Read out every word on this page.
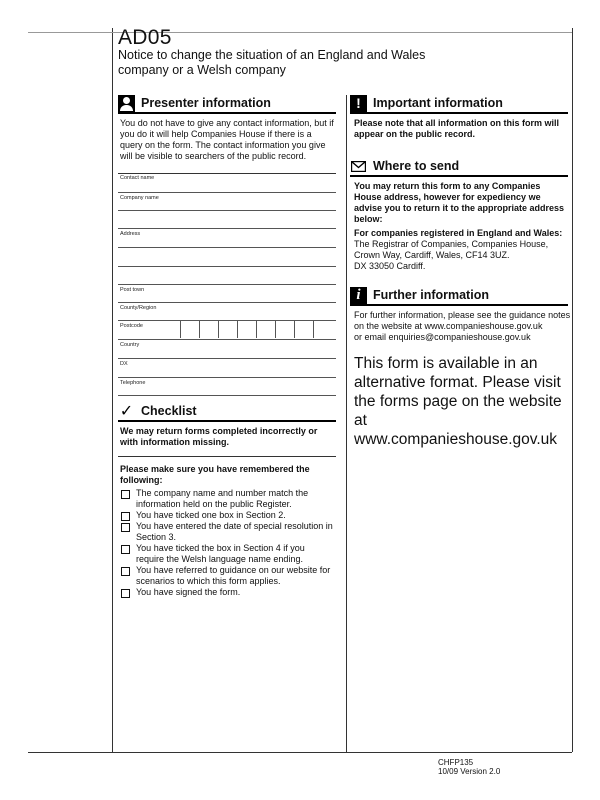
AD05
Notice to change the situation of an England and Wales company or a Welsh company
Presenter information
You do not have to give any contact information, but if you do it will help Companies House if there is a query on the form. The contact information you give will be visible to searchers of the public record.
Contact name
Company name
Address
Post town
County/Region
Postcode
Country
DX
Telephone
✓ Checklist
We may return forms completed incorrectly or with information missing.
Please make sure you have remembered the following:
The company name and number match the information held on the public Register.
You have ticked one box in Section 2.
You have entered the date of special resolution in Section 3.
You have ticked the box in Section 4 if you require the Welsh language name ending.
You have referred to guidance on our website for scenarios to which this form applies.
You have signed the form.
! Important information
Please note that all information on this form will appear on the public record.
Where to send
You may return this form to any Companies House address, however for expediency we advise you to return it to the appropriate address below:
For companies registered in England and Wales:
The Registrar of Companies, Companies House,
Crown Way, Cardiff, Wales, CF14 3UZ.
DX 33050 Cardiff.
i Further information
For further information, please see the guidance notes
on the website at www.companieshouse.gov.uk
or email enquiries@companieshouse.gov.uk
This form is available in an alternative format. Please visit the forms page on the website at www.companieshouse.gov.uk
CHFP135
10/09 Version 2.0
